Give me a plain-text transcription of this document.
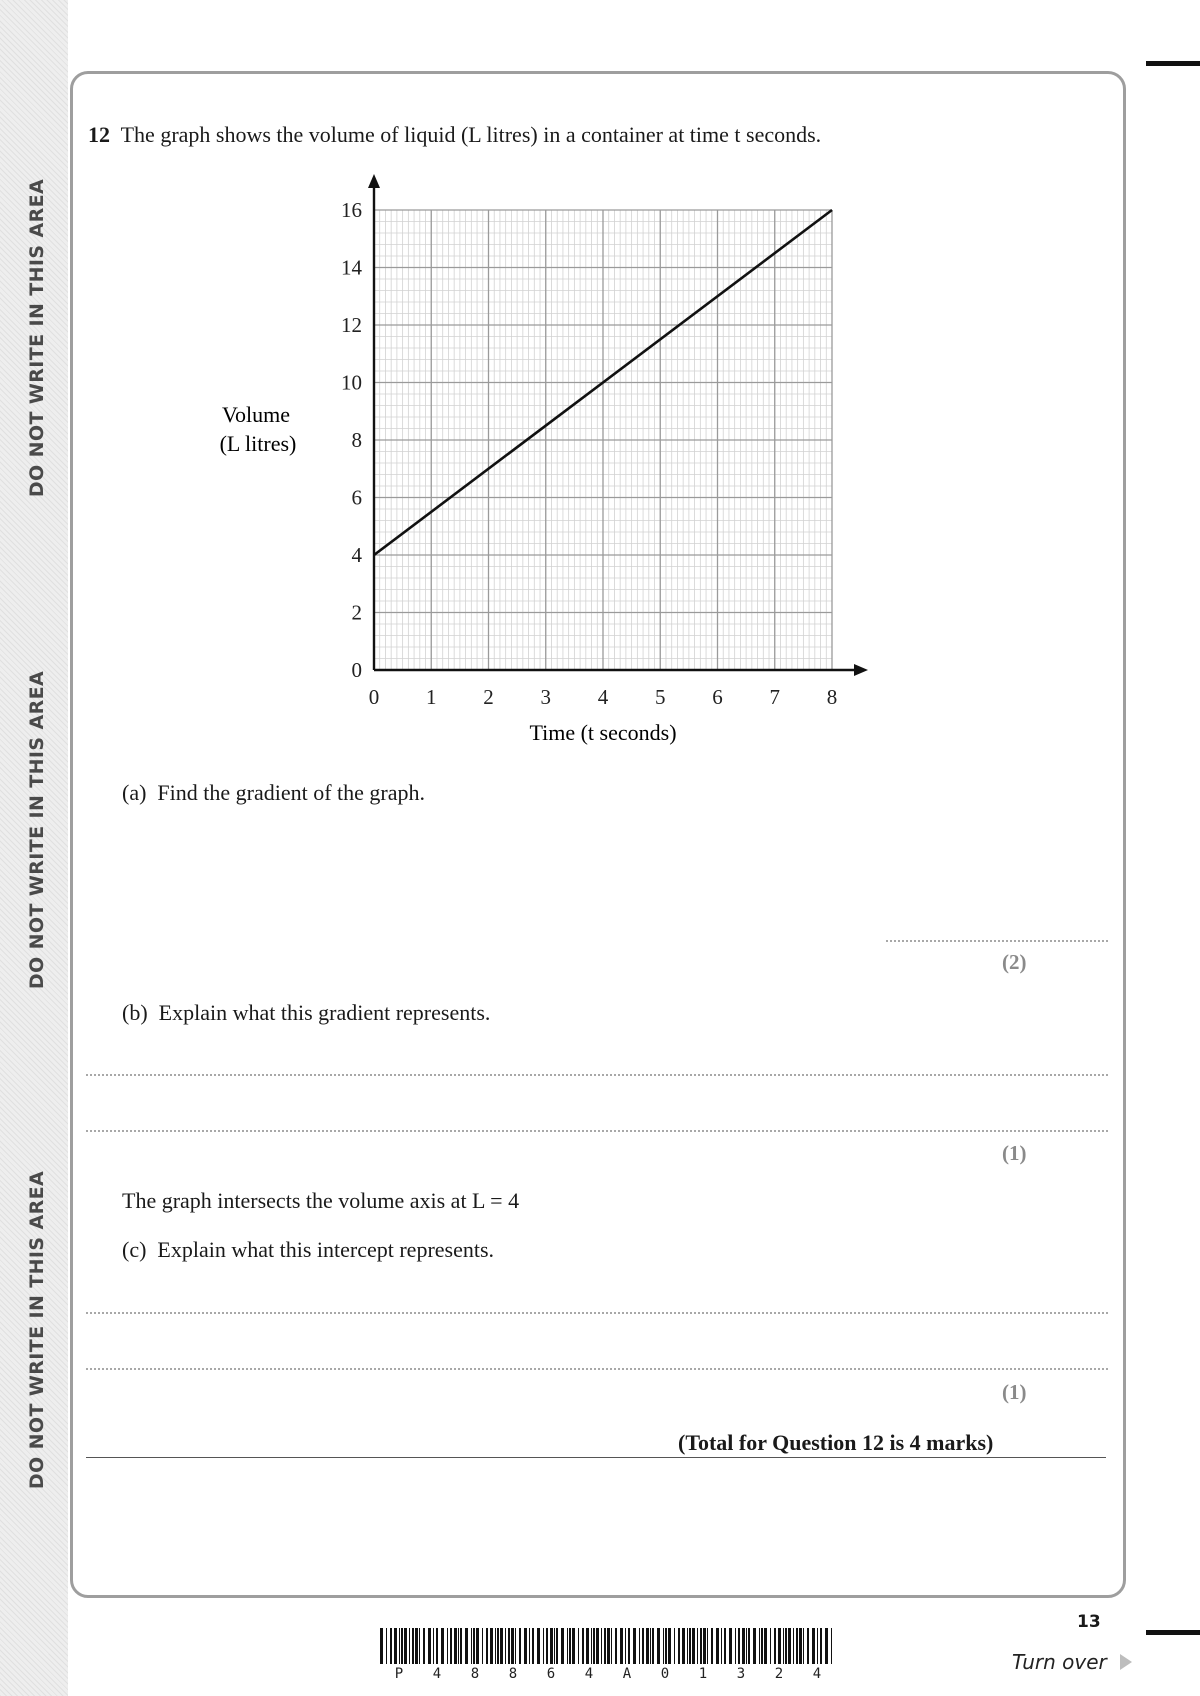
DO NOT WRITE IN THIS AREA
DO NOT WRITE IN THIS AREA
DO NOT WRITE IN THIS AREA
12 The graph shows the volume of liquid (L litres) in a container at time t seconds.
0 1 2 3 4 5 6 7 8
0
2
4
6
8
10
12
14
16
Time (t seconds)
Volume
(L litres)
(a) Find the gradient of the graph.
(2)
(b) Explain what this gradient represents.
(1)
The graph intersects the volume axis at L = 4
(c) Explain what this intercept represents.
(1)
(Total for Question 12 is 4 marks)
13
Turn over
P 4 8 8 6 4 A 0 1 3 2 4
